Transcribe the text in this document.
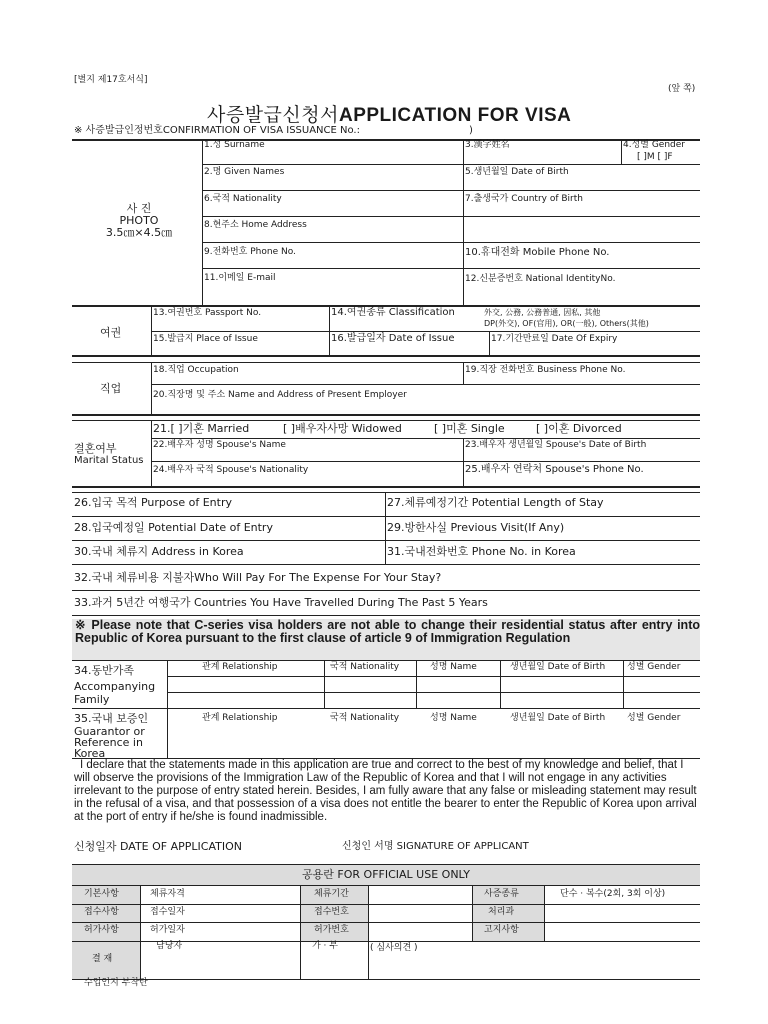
[별지 제17호서식]
(앞 쪽)
사증발급신청서APPLICATION FOR VISA
※ 사증발급인정번호CONFIRMATION OF VISA ISSUANCE No.:	)
사 진
PHOTO
3.5㎝×4.5㎝
1.성 Surname	3.漢字姓名	4.성별 Gender
[ ]M [ ]F
2.명 Given Names	5.생년월일 Date of Birth
6.국적 Nationality	7.출생국가 Country of Birth
8.현주소 Home Address
9.전화번호 Phone No.	10.휴대전화 Mobile Phone No.
11.이메일 E-mail	12.신분증번호 National IdentityNo.
여권
13.여권번호 Passport No.	14.여권종류 Classification	外交, 公務, 公務普通, 因私, 其他
DP(外交), OF(官用), OR(一般), Others(其他)
15.발급지 Place of Issue	16.발급일자 Date of Issue	17.기간만료일 Date Of Expiry
직업
18.직업 Occupation	19.직장 전화번호 Business Phone No.
20.직장명 및 주소 Name and Address of Present Employer
결혼여부
Marital Status
21.[ ]기혼 Married	[ ]배우자사망 Widowed	[ ]미혼 Single	[ ]이혼 Divorced
22.배우자 성명 Spouse's Name	23.배우자 생년월일 Spouse's Date of Birth
24.배우자 국적 Spouse's Nationality	25.배우자 연락처 Spouse's Phone No.
26.입국 목적 Purpose of Entry	27.체류예정기간 Potential Length of Stay
28.입국예정일 Potential Date of Entry	29.방한사실 Previous Visit(If Any)
30.국내 체류지 Address in Korea	31.국내전화번호 Phone No. in Korea
32.국내 체류비용 지불자Who Will Pay For The Expense For Your Stay?
33.과거 5년간 여행국가 Countries You Have Travelled During The Past 5 Years
※ Please note that C-series visa holders are not able to change their residential status after entry into Republic of Korea pursuant to the first clause of article 9 of Immigration Regulation
34.동반가족
Accompanying
Family
관계 Relationship	국적 Nationality	성명 Name	생년월일 Date of Birth 성별 Gender
35.국내 보증인
Guarantor or
Reference in
Korea
관계 Relationship	국적 Nationality	성명 Name	생년월일 Date of Birth 성별 Gender
I declare that the statements made in this application are true and correct to the best of my knowledge and belief, that I will observe the provisions of the Immigration Law of the Republic of Korea and that I will not engage in any activities irrelevant to the purpose of entry stated herein. Besides, I am fully aware that any false or misleading statement may result in the refusal of a visa, and that possession of a visa does not entitle the bearer to enter the Republic of Korea upon arrival at the port of entry if he/she is found inadmissible.
신청일자 DATE OF APPLICATION	신청인 서명 SIGNATURE OF APPLICANT
공용란 FOR OFFICIAL USE ONLY
기본사항	체류자격	체류기간	사증종류	단수 · 복수(2회, 3회 이상)
접수사항	접수일자	접수번호	처리과
허가사항	허가일자	허가번호	고지사항
결 재
담당자	가 · 부	( 심사의견 )
수입인지 부착란
